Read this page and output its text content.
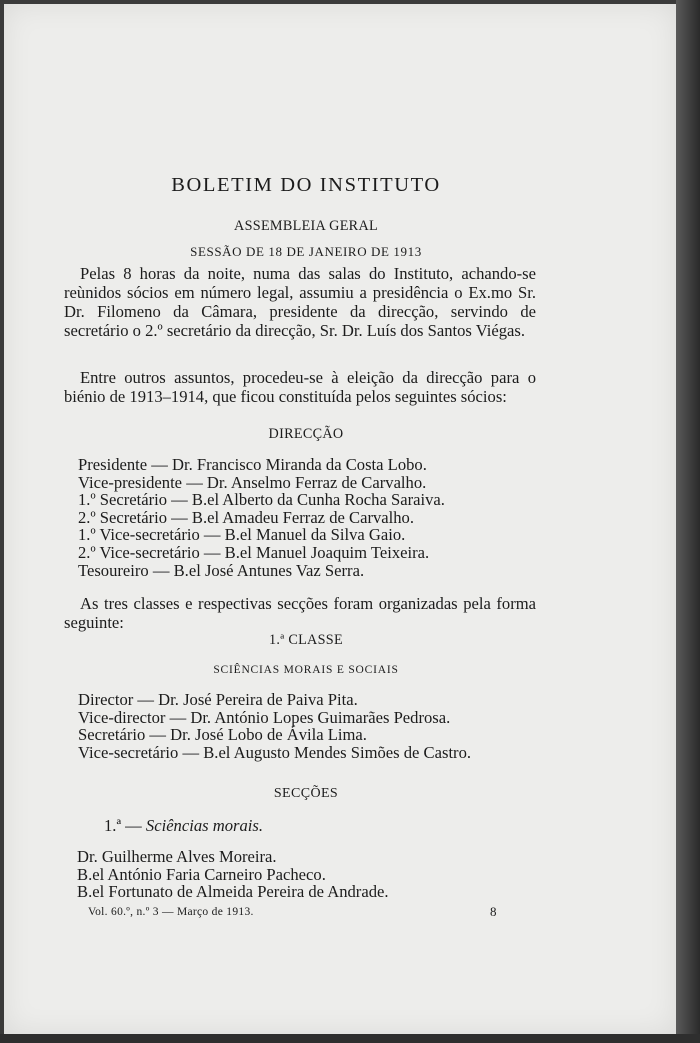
BOLETIM DO INSTITUTO
ASSEMBLEIA GERAL
SESSÃO DE 18 DE JANEIRO DE 1913
Pelas 8 horas da noite, numa das salas do Instituto, achando-se reùnidos sócios em número legal, assumiu a presidência o Ex.mo Sr. Dr. Filomeno da Câmara, presidente da direcção, servindo de secretário o 2.º secretário da direcção, Sr. Dr. Luís dos Santos Viégas.
Entre outros assuntos, procedeu-se à eleição da direcção para o biénio de 1913–1914, que ficou constituída pelos seguintes sócios:
DIRECÇÃO
Presidente — Dr. Francisco Miranda da Costa Lobo.
Vice-presidente — Dr. Anselmo Ferraz de Carvalho.
1.º Secretário — B.el Alberto da Cunha Rocha Saraiva.
2.º Secretário — B.el Amadeu Ferraz de Carvalho.
1.º Vice-secretário — B.el Manuel da Silva Gaio.
2.º Vice-secretário — B.el Manuel Joaquim Teixeira.
Tesoureiro — B.el José Antunes Vaz Serra.
As tres classes e respectivas secções foram organizadas pela forma seguinte:
1.ª CLASSE
SCIÊNCIAS MORAIS E SOCIAIS
Director — Dr. José Pereira de Paiva Pita.
Vice-director — Dr. António Lopes Guimarães Pedrosa.
Secretário — Dr. José Lobo de Ávila Lima.
Vice-secretário — B.el Augusto Mendes Simões de Castro.
SECÇÕES
1.ª — Sciências morais.
Dr. Guilherme Alves Moreira.
B.el António Faria Carneiro Pacheco.
B.el Fortunato de Almeida Pereira de Andrade.
Vol. 60.º, n.º 3 — Março de 1913.	8
